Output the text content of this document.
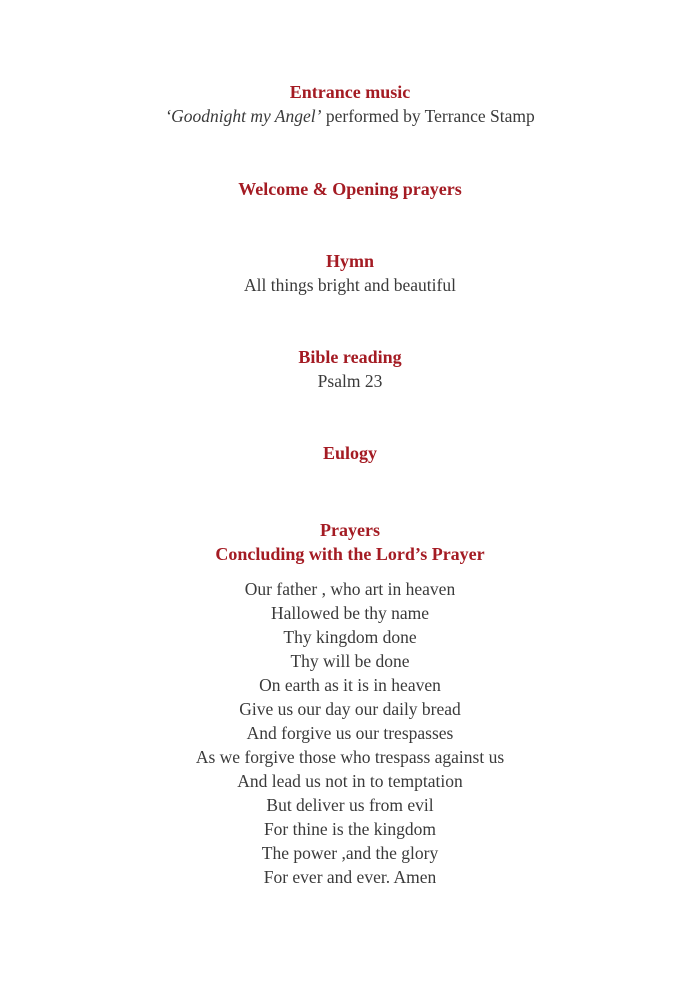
Entrance music
‘Goodnight my Angel’ performed by Terrance Stamp
Welcome & Opening prayers
Hymn
All things bright and beautiful
Bible reading
Psalm 23
Eulogy
Prayers
Concluding with the Lord’s Prayer
Our father , who art in heaven
Hallowed be thy name
Thy kingdom done
Thy will be done
On earth as it is in heaven
Give us our day our daily bread
And forgive us our trespasses
As we forgive those who trespass against us
And lead us not in to temptation
But deliver us from evil
For thine is the kingdom
The power ,and the glory
For ever and ever. Amen
